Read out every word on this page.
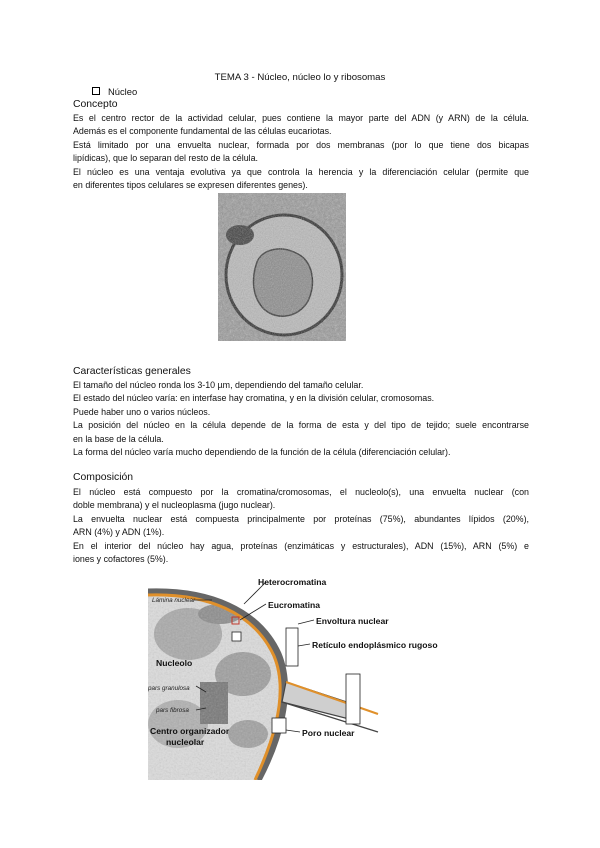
TEMA 3 - Núcleo, núcleo lo y ribosomas
Núcleo
Concepto
Es el centro rector de la actividad celular, pues contiene la mayor parte del ADN (y ARN) de la célula.
Además es el componente fundamental de las células eucariotas.
Está limitado por una envuelta nuclear, formada por dos membranas (por lo que tiene dos bicapas
lipídicas), que lo separan del resto de la célula.
El núcleo es una ventaja evolutiva ya que controla la herencia y la diferenciación celular (permite que
en diferentes tipos celulares se expresen diferentes genes).
Características generales
El tamaño del núcleo ronda los 3-10 µm, dependiendo del tamaño celular.
El estado del núcleo varía: en interfase hay cromatina, y en la división celular, cromosomas.
Puede haber uno o varios núcleos.
La posición del núcleo en la célula depende de la forma de esta y del tipo de tejido; suele encontrarse
en la base de la célula.
La forma del núcleo varía mucho dependiendo de la función de la célula (diferenciación celular).
Composición
El núcleo está compuesto por la cromatina/cromosomas, el nucleolo(s), una envuelta nuclear (con
doble membrana) y el nucleoplasma (jugo nuclear).
La envuelta nuclear está compuesta principalmente por proteínas (75%), abundantes lípidos (20%),
ARN (4%) y ADN (1%).
En el interior del núcleo hay agua, proteínas (enzimáticas y estructurales), ADN (15%), ARN (5%) e
iones y cofactores (5%).
Heterocromatina
Lámina nuclear	Eucromatina
Envoltura nuclear
Retículo endoplásmico rugoso
Nucleolo
pars granulosa
pars fibrosa
Centro organizador
nucleolar
Poro nuclear
